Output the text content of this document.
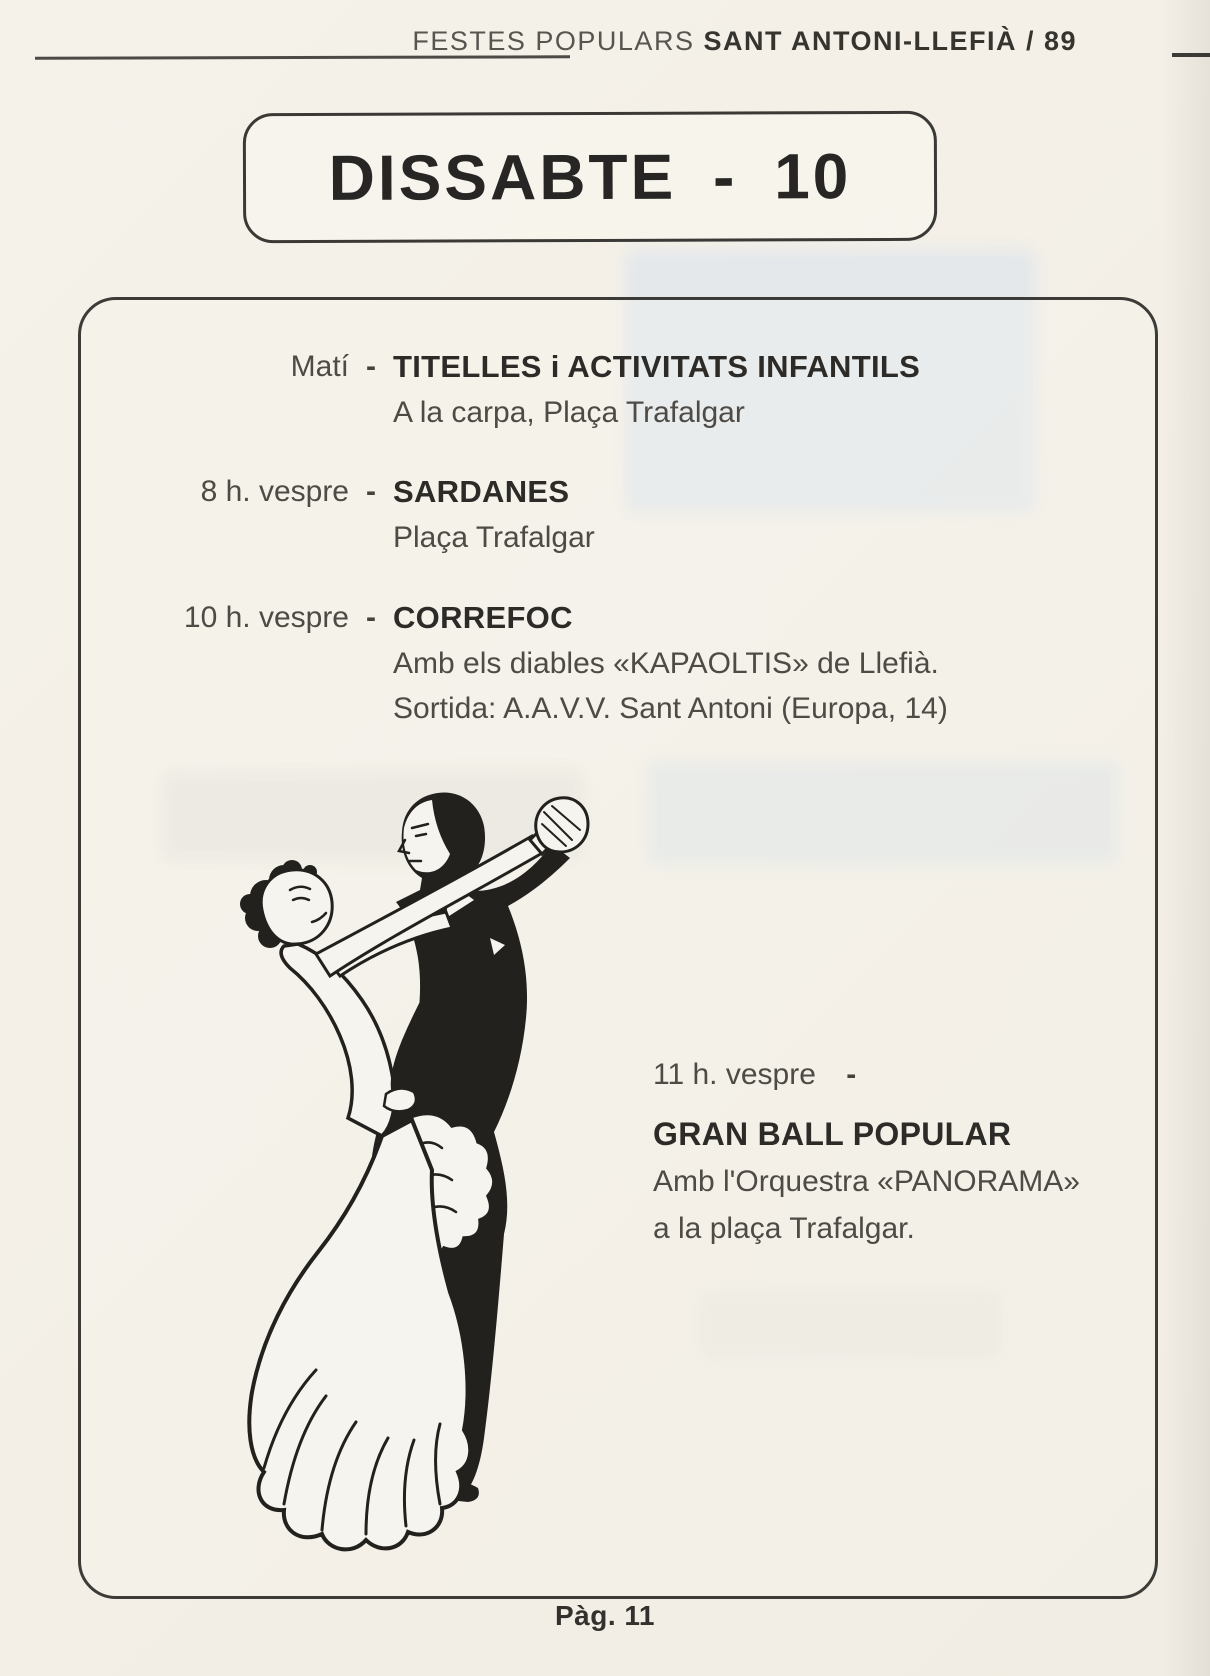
FESTES POPULARS SANT ANTONI-LLEFIÀ / 89
DISSABTE - 10
Matí - TITELLES i ACTIVITATS INFANTILS
A la carpa, Plaça Trafalgar
8 h. vespre - SARDANES
Plaça Trafalgar
10 h. vespre - CORREFOC
Amb els diables «KAPAOLTIS» de Llefià.
Sortida: A.A.V.V. Sant Antoni (Europa, 14)
11 h. vespre -
GRAN BALL POPULAR
Amb l'Orquestra «PANORAMA»
a la plaça Trafalgar.
Pàg. 11
